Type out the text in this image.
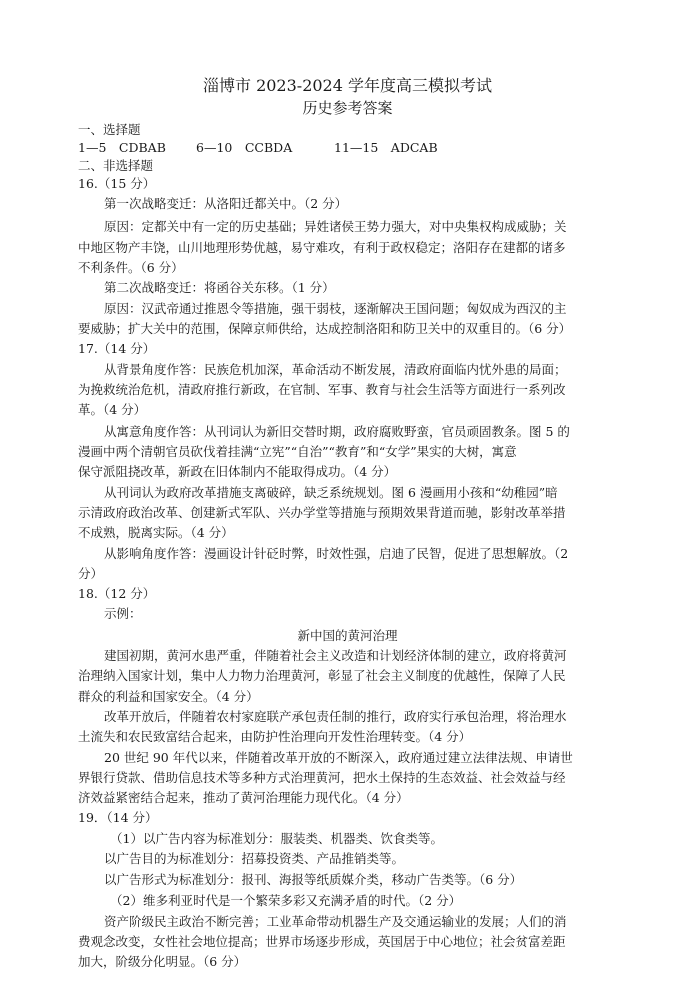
淄博市 2023-2024 学年度高三模拟考试
历史参考答案
一、选择题
1—5　CDBAB 6—10　CCBDA	11—15　ADCAB
二、非选择题
16.（15 分）
第一次战略变迁：从洛阳迁都关中。（2 分）
原因：定都关中有一定的历史基础；异姓诸侯王势力强大，对中央集权构成威胁；关
中地区物产丰饶，山川地理形势优越，易守难攻，有利于政权稳定；洛阳存在建都的诸多
不利条件。（6 分）
第二次战略变迁：将函谷关东移。（1 分）
原因：汉武帝通过推恩令等措施，强干弱枝，逐渐解决王国问题；匈奴成为西汉的主
要威胁；扩大关中的范围，保障京师供给，达成控制洛阳和防卫关中的双重目的。（6 分）
17.（14 分）
从背景角度作答：民族危机加深，革命活动不断发展，清政府面临内忧外患的局面；
为挽救统治危机，清政府推行新政，在官制、军事、教育与社会生活等方面进行一系列改
革。（4 分）
从寓意角度作答：从刊词认为新旧交替时期，政府腐败野蛮，官员顽固教条。图 5 的
漫画中两个清朝官员砍伐着挂满“立宪”“自治”“教育”和“女学”果实的大树，寓意
保守派阻挠改革，新政在旧体制内不能取得成功。（4 分）
从刊词认为政府改革措施支离破碎，缺乏系统规划。图 6 漫画用小孩和“幼稚园”暗
示清政府政治改革、创建新式军队、兴办学堂等措施与预期效果背道而驰，影射改革举措
不成熟，脱离实际。（4 分）
从影响角度作答：漫画设计针砭时弊，时效性强，启迪了民智，促进了思想解放。（2
分）
18.（12 分）
示例：
新中国的黄河治理
建国初期，黄河水患严重，伴随着社会主义改造和计划经济体制的建立，政府将黄河
治理纳入国家计划，集中人力物力治理黄河，彰显了社会主义制度的优越性，保障了人民
群众的利益和国家安全。（4 分）
改革开放后，伴随着农村家庭联产承包责任制的推行，政府实行承包治理，将治理水
土流失和农民致富结合起来，由防护性治理向开发性治理转变。（4 分）
20 世纪 90 年代以来，伴随着改革开放的不断深入，政府通过建立法律法规、申请世
界银行贷款、借助信息技术等多种方式治理黄河，把水土保持的生态效益、社会效益与经
济效益紧密结合起来，推动了黄河治理能力现代化。（4 分）
19．（14 分）
（1）以广告内容为标准划分：服装类、机器类、饮食类等。
以广告目的为标准划分：招募投资类、产品推销类等。
以广告形式为标准划分：报刊、海报等纸质媒介类，移动广告类等。（6 分）
（2）维多利亚时代是一个繁荣多彩又充满矛盾的时代。（2 分）
资产阶级民主政治不断完善；工业革命带动机器生产及交通运输业的发展；人们的消
费观念改变，女性社会地位提高；世界市场逐步形成，英国居于中心地位；社会贫富差距
加大，阶级分化明显。（6 分）
